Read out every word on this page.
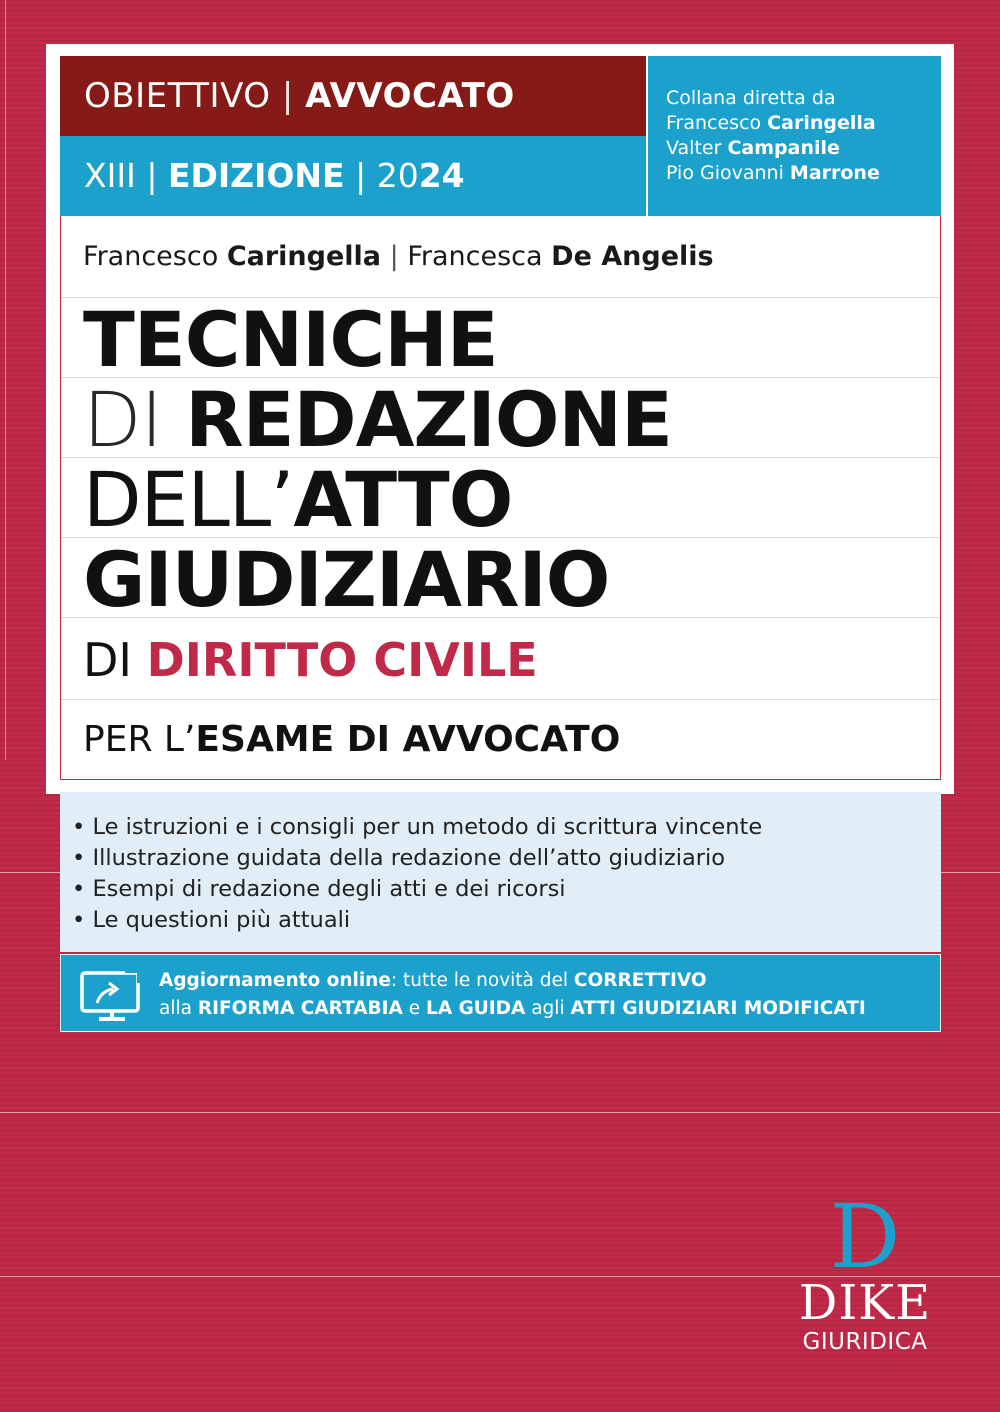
OBIETTIVO | AVVOCATO
XIII | EDIZIONE | 2024
Collana diretta da
Francesco Caringella
Valter Campanile
Pio Giovanni Marrone
Francesco Caringella | Francesca De Angelis
TECNICHE
DI REDAZIONE
DELL’ATTO
GIUDIZIARIO
DI DIRITTO CIVILE
PER L’ESAME DI AVVOCATO
• Le istruzioni e i consigli per un metodo di scrittura vincente
• Illustrazione guidata della redazione dell’atto giudiziario
• Esempi di redazione degli atti e dei ricorsi
• Le questioni più attuali
Aggiornamento online: tutte le novità del CORRETTIVO
alla RIFORMA CARTABIA e LA GUIDA agli ATTI GIUDIZIARI MODIFICATI
D
DIKE
GIURIDICA
